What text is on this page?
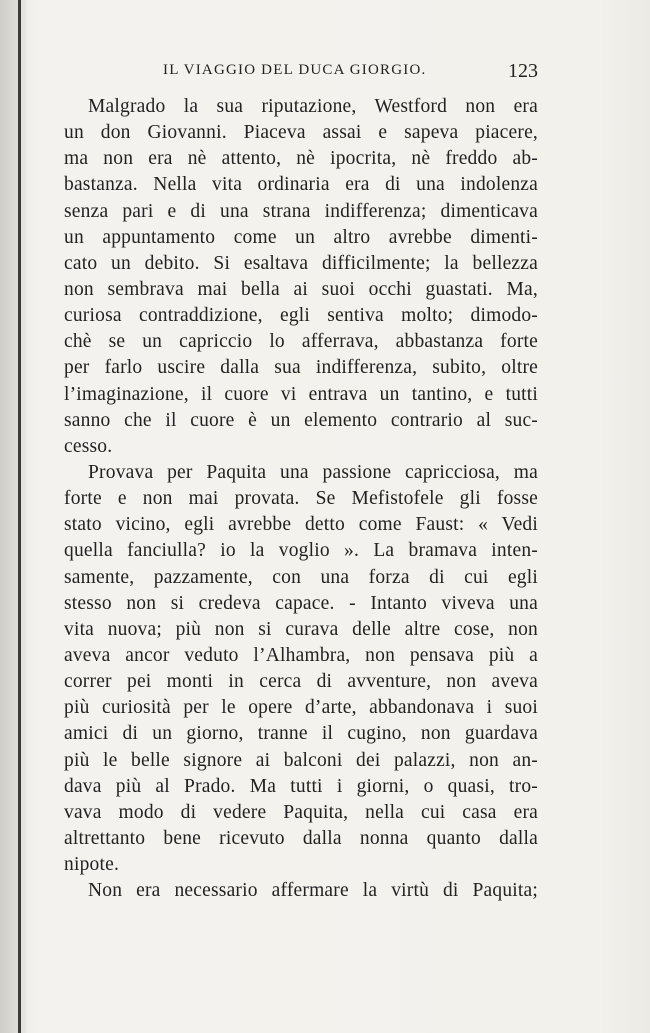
IL VIAGGIO DEL DUCA GIORGIO.	123
Malgrado la sua riputazione, Westford non era
un don Giovanni. Piaceva assai e sapeva piacere,
ma non era nè attento, nè ipocrita, nè freddo ab-
bastanza. Nella vita ordinaria era di una indolenza
senza pari e di una strana indifferenza; dimenticava
un appuntamento come un altro avrebbe dimenti-
cato un debito. Si esaltava difficilmente; la bellezza
non sembrava mai bella ai suoi occhi guastati. Ma,
curiosa contraddizione, egli sentiva molto; dimodo-
chè se un capriccio lo afferrava, abbastanza forte
per farlo uscire dalla sua indifferenza, subito, oltre
l’imaginazione, il cuore vi entrava un tantino, e tutti
sanno che il cuore è un elemento contrario al suc-
cesso.
Provava per Paquita una passione capricciosa, ma
forte e non mai provata. Se Mefistofele gli fosse
stato vicino, egli avrebbe detto come Faust: « Vedi
quella fanciulla? io la voglio ». La bramava inten-
samente, pazzamente, con una forza di cui egli
stesso non si credeva capace. - Intanto viveva una
vita nuova; più non si curava delle altre cose, non
aveva ancor veduto l’Alhambra, non pensava più a
correr pei monti in cerca di avventure, non aveva
più curiosità per le opere d’arte, abbandonava i suoi
amici di un giorno, tranne il cugino, non guardava
più le belle signore ai balconi dei palazzi, non an-
dava più al Prado. Ma tutti i giorni, o quasi, tro-
vava modo di vedere Paquita, nella cui casa era
altrettanto bene ricevuto dalla nonna quanto dalla
nipote.
Non era necessario affermare la virtù di Paquita;
